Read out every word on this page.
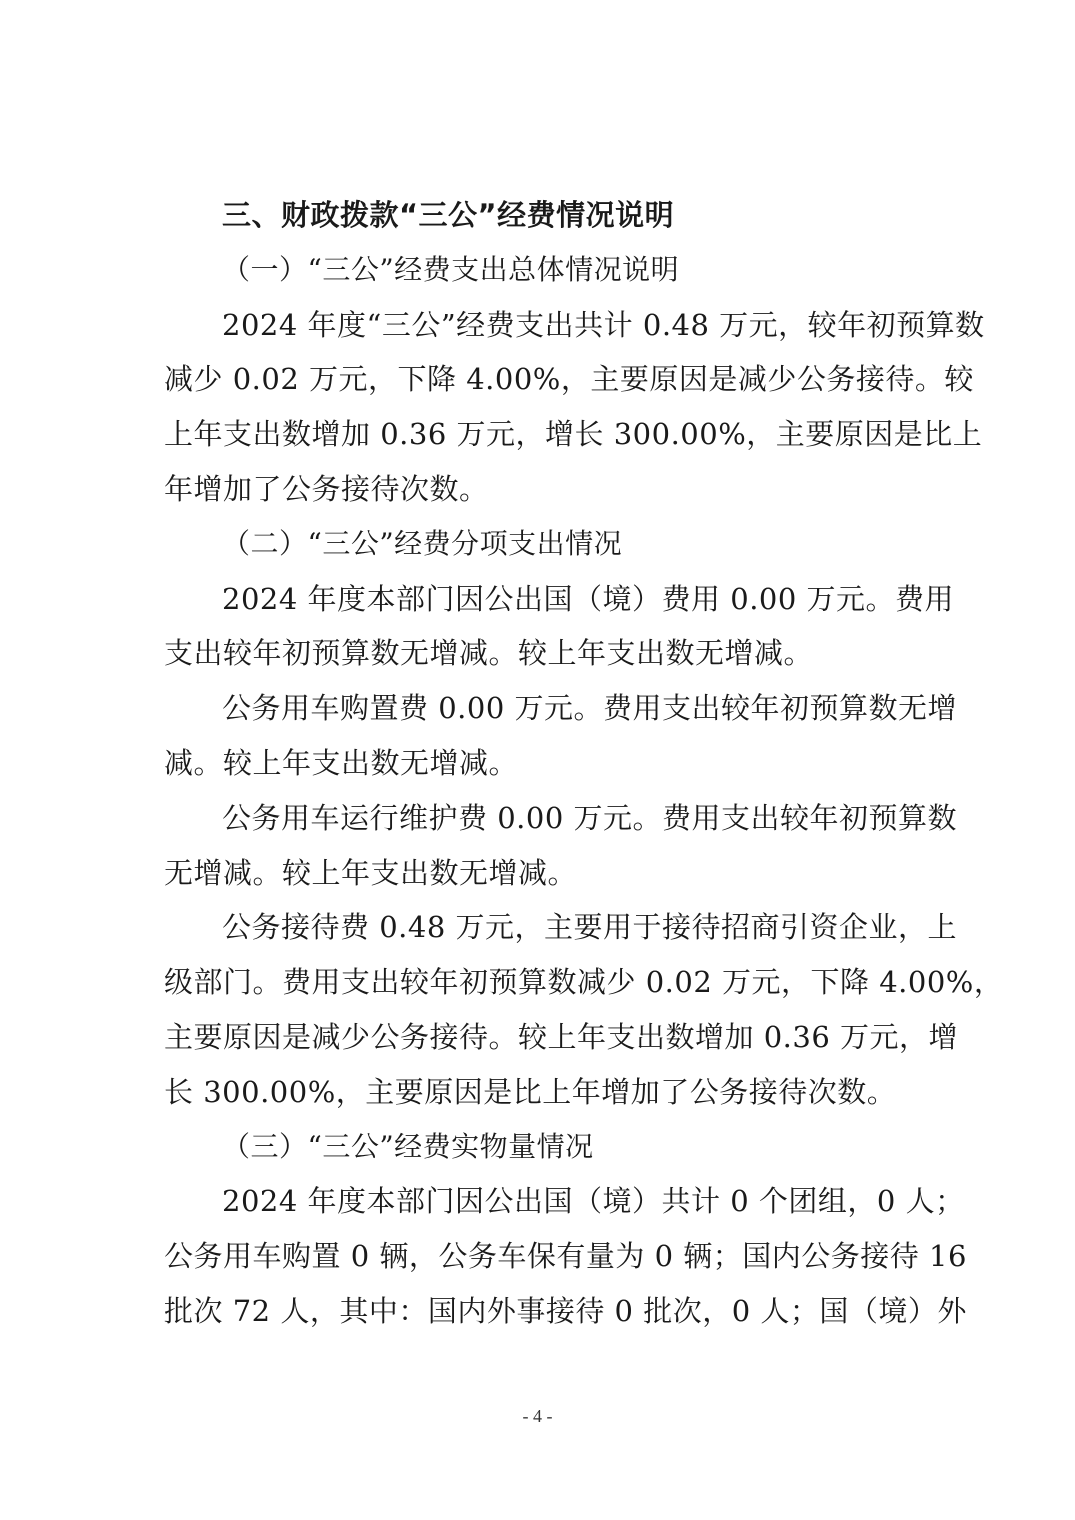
三、财政拨款“三公”经费情况说明
（一）“三公”经费支出总体情况说明
2024 年度“三公”经费支出共计 0.48 万元，较年初预算数
减少 0.02 万元，下降 4.00%，主要原因是减少公务接待。较
上年支出数增加 0.36 万元，增长 300.00%，主要原因是比上
年增加了公务接待次数。
（二）“三公”经费分项支出情况
2024 年度本部门因公出国（境）费用 0.00 万元。费用
支出较年初预算数无增减。较上年支出数无增减。
公务用车购置费 0.00 万元。费用支出较年初预算数无增
减。较上年支出数无增减。
公务用车运行维护费 0.00 万元。费用支出较年初预算数
无增减。较上年支出数无增减。
公务接待费 0.48 万元，主要用于接待招商引资企业，上
级部门。费用支出较年初预算数减少 0.02 万元，下降 4.00%，
主要原因是减少公务接待。较上年支出数增加 0.36 万元，增
长 300.00%，主要原因是比上年增加了公务接待次数。
（三）“三公”经费实物量情况
2024 年度本部门因公出国（境）共计 0 个团组，0 人；
公务用车购置 0 辆，公务车保有量为 0 辆；国内公务接待 16
批次 72 人，其中：国内外事接待 0 批次，0 人；国（境）外
- 4 -
